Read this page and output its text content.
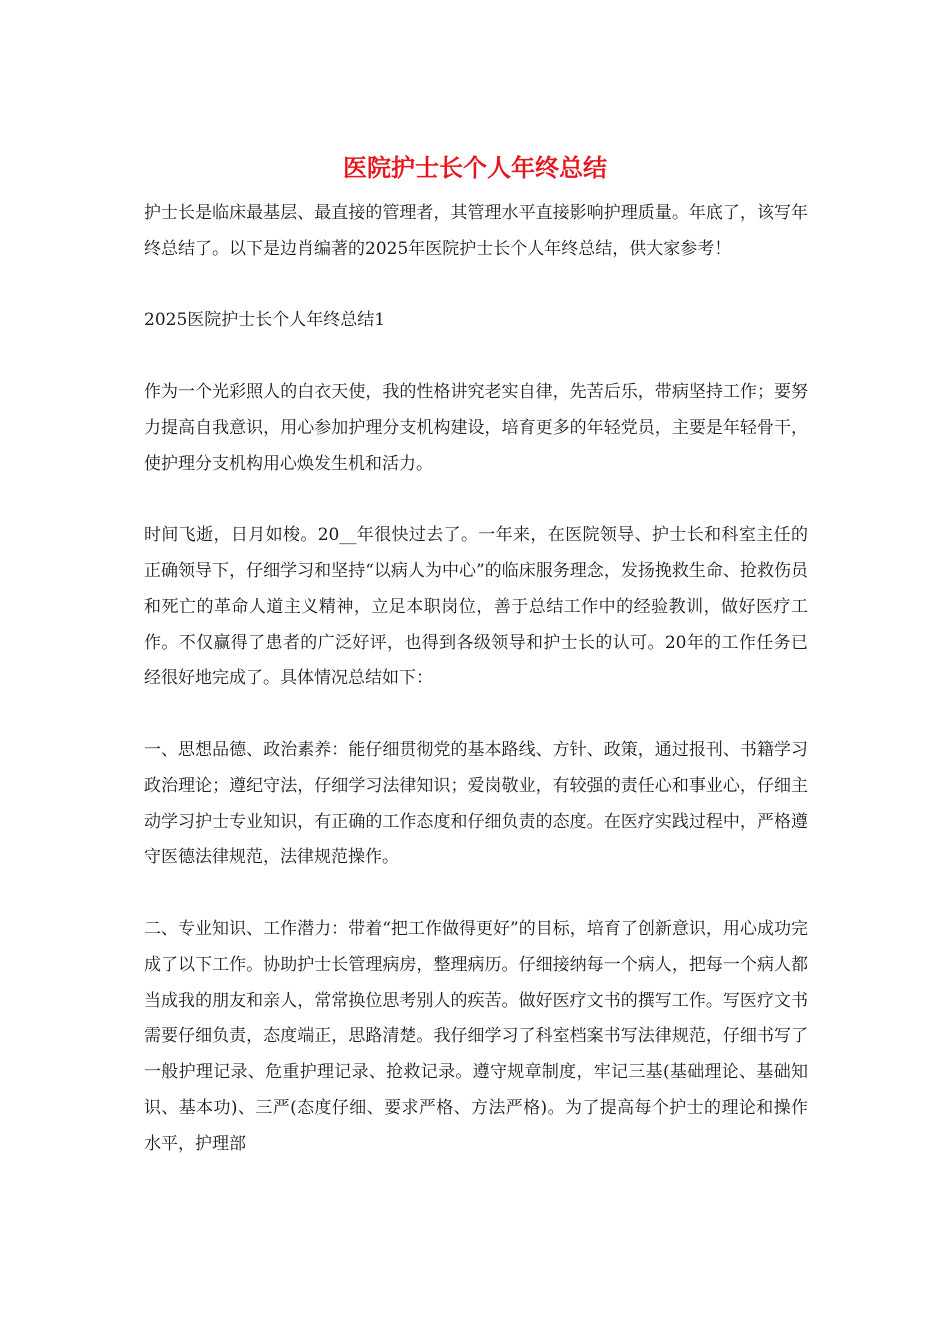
医院护士长个人年终总结

护士长是临床最基层、最直接的管理者，其管理水平直接影响护理质量。年底了，该写年终总结了。以下是边肖编著的2025年医院护士长个人年终总结，供大家参考！

2025医院护士长个人年终总结1

作为一个光彩照人的白衣天使，我的性格讲究老实自律，先苦后乐，带病坚持工作；要努力提高自我意识，用心参加护理分支机构建设，培育更多的年轻党员，主要是年轻骨干，使护理分支机构用心焕发生机和活力。

时间飞逝，日月如梭。20__年很快过去了。一年来，在医院领导、护士长和科室主任的正确领导下，仔细学习和坚持“以病人为中心”的临床服务理念，发扬挽救生命、抢救伤员和死亡的革命人道主义精神，立足本职岗位，善于总结工作中的经验教训，做好医疗工作。不仅赢得了患者的广泛好评，也得到各级领导和护士长的认可。20年的工作任务已经很好地完成了。具体情况总结如下：

一、思想品德、政治素养：能仔细贯彻党的基本路线、方针、政策，通过报刊、书籍学习政治理论；遵纪守法，仔细学习法律知识；爱岗敬业，有较强的责任心和事业心，仔细主动学习护士专业知识，有正确的工作态度和仔细负责的态度。在医疗实践过程中，严格遵守医德法律规范，法律规范操作。

二、专业知识、工作潜力：带着“把工作做得更好”的目标，培育了创新意识，用心成功完成了以下工作。协助护士长管理病房，整理病历。仔细接纳每一个病人，把每一个病人都当成我的朋友和亲人，常常换位思考别人的疾苦。做好医疗文书的撰写工作。写医疗文书需要仔细负责，态度端正，思路清楚。我仔细学习了科室档案书写法律规范，仔细书写了一般护理记录、危重护理记录、抢救记录。遵守规章制度，牢记三基(基础理论、基础知识、基本功)、三严(态度仔细、要求严格、方法严格)。为了提高每个护士的理论和操作水平，护理部
